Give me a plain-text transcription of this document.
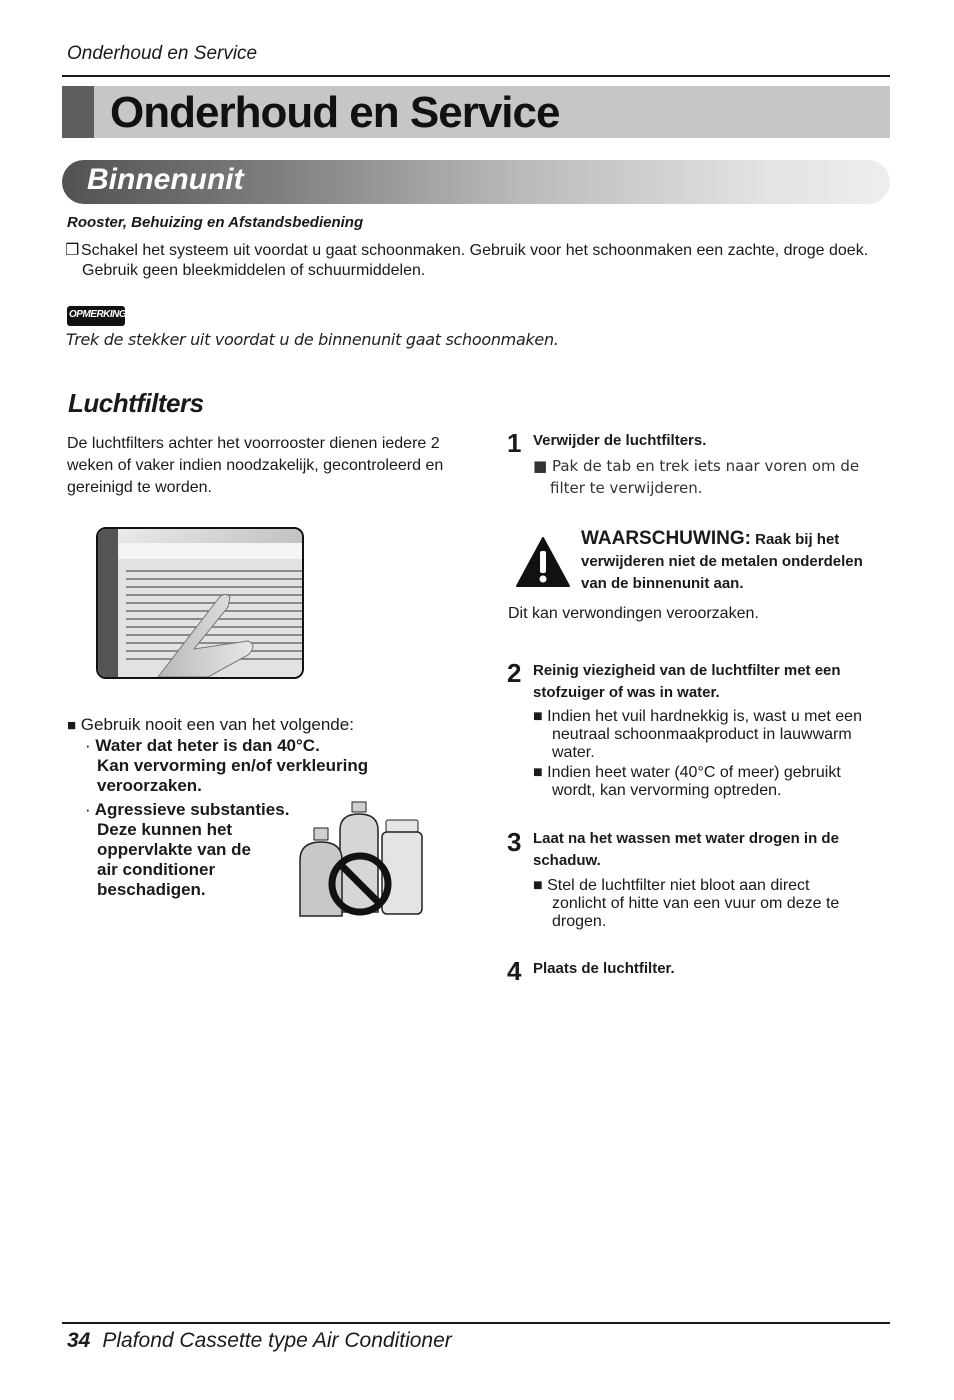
Onderhoud en Service
Onderhoud en Service
Binnenunit
Rooster, Behuizing en Afstandsbediening
❐ Schakel het systeem uit voordat u gaat schoonmaken. Gebruik voor het schoonmaken een zachte, droge doek.
Gebruik geen bleekmiddelen of schuurmiddelen.
OPMERKING
Trek de stekker uit voordat u de binnenunit gaat schoonmaken.
Luchtfilters
De luchtfilters achter het voorrooster dienen iedere 2 weken of vaker indien noodzakelijk, gecontroleerd en gereinigd te worden.
■ Gebruik nooit een van het volgende:
· Water dat heter is dan 40°C.
Kan vervorming en/of verkleuring
veroorzaken.
· Agressieve substanties.
Deze kunnen het
oppervlakte van de
air conditioner
beschadigen.
1 Verwijder de luchtfilters.
■ Pak de tab en trek iets naar voren om de
filter te verwijderen.
WAARSCHUWING: Raak bij het
verwijderen niet de metalen onderdelen
van de binnenunit aan.
Dit kan verwondingen veroorzaken.
2 Reinig viezigheid van de luchtfilter met een
stofzuiger of was in water.
■ Indien het vuil hardnekkig is, wast u met een
neutraal schoonmaakproduct in lauwwarm
water.
■ Indien heet water (40°C of meer) gebruikt
wordt, kan vervorming optreden.
3 Laat na het wassen met water drogen in de
schaduw.
■ Stel de luchtfilter niet bloot aan direct
zonlicht of hitte van een vuur om deze te
drogen.
4 Plaats de luchtfilter.
34 Plafond Cassette type Air Conditioner
